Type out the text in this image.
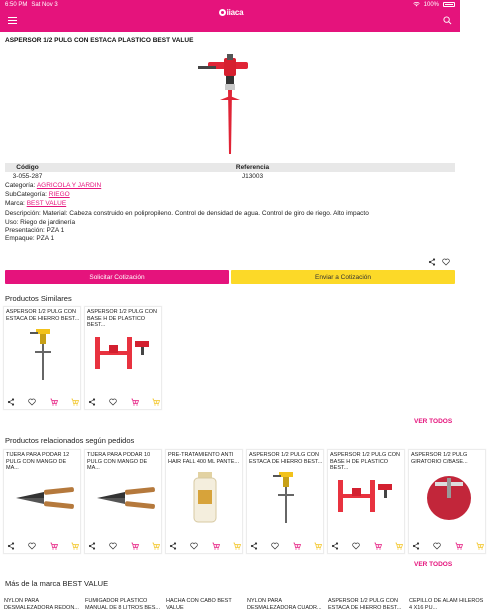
6:50 PM Sat Nov 3	100%
iiaca
ASPERSOR 1/2 PULG CON ESTACA PLASTICO BEST VALUE
Código	Referencia
3-055-287	J13003
Categoría: AGRICOLA Y JARDIN
SubCategoría: RIEGO
Marca: BEST VALUE
Descripción: Material: Cabeza construido en polipropileno. Control de densidad de agua. Control de giro de riego. Alto impacto
Uso: Riego de jardinería
Presentación: PZA 1
Empaque: PZA 1
Solicitar Cotización	Enviar a Cotización
Productos Similares
ASPERSOR 1/2 PULG CON ESTACA DE HIERRO BEST...
ASPERSOR 1/2 PULG CON BASE H DE PLASTICO BEST...
VER TODOS
Productos relacionados según pedidos
TIJERA PARA PODAR 12 PULG CON MANGO DE MA...
TIJERA PARA PODAR 10 PULG CON MANGO DE MA...
PRE-TRATAMIENTO ANTI HAIR FALL 400 ML PANTE...
ASPERSOR 1/2 PULG CON ESTACA DE HIERRO BEST...
ASPERSOR 1/2 PULG CON BASE H DE PLASTICO BEST...
ASPERSOR 1/2 PULG GIRATORIO C/BASE...
VER TODOS
Más de la marca BEST VALUE
NYLON PARA DESMALEZADORA REDON...
FUMIGADOR PLASTICO MANUAL DE 8 LITROS BES...
HACHA CON CABO BEST VALUE
NYLON PARA DESMALEZADORA CUADR...
ASPERSOR 1/2 PULG CON ESTACA DE HIERRO BEST...
CEPILLO DE ALAM HILEROS 4 X16 PU...
